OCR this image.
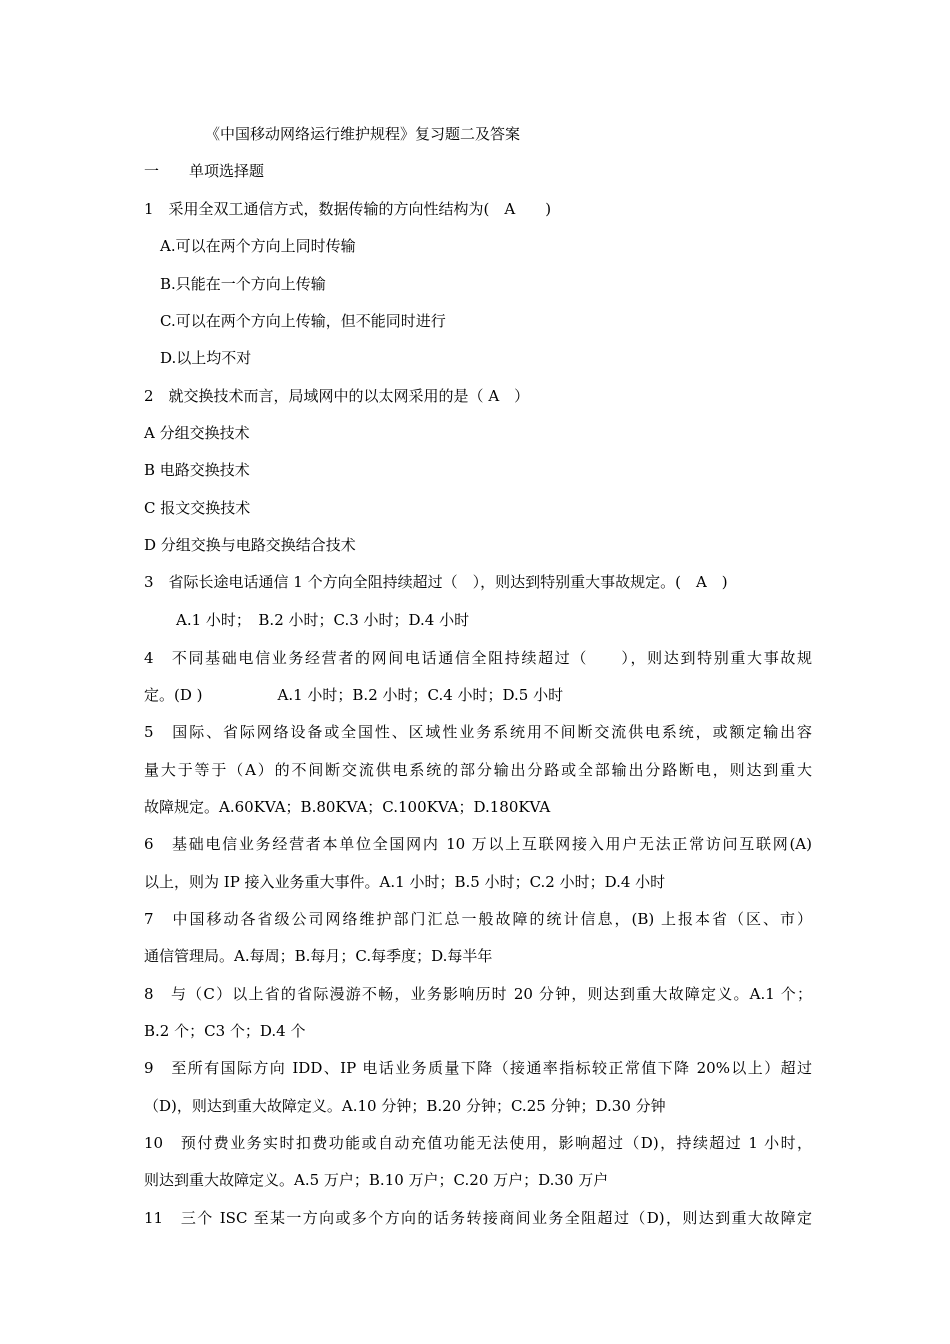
《中国移动网络运行维护规程》复习题二及答案
一　　单项选择题
1　采用全双工通信方式，数据传输的方向性结构为(　A　　)
A.可以在两个方向上同时传输
B.只能在一个方向上传输
C.可以在两个方向上传输，但不能同时进行
D.以上均不对
2　就交换技术而言，局域网中的以太网采用的是（ A　）
A 分组交换技术
B 电路交换技术
C 报文交换技术
D 分组交换与电路交换结合技术
3　省际长途电话通信 1 个方向全阻持续超过（　），则达到特别重大事故规定。(　A　)
A.1 小时；　B.2 小时；C.3 小时；D.4 小时
4　不同基础电信业务经营者的网间电话通信全阻持续超过（　　），则达到特别重大事故规
定。(D )　　　　　A.1 小时；B.2 小时；C.4 小时；D.5 小时
5　国际、省际网络设备或全国性、区域性业务系统用不间断交流供电系统，或额定输出容
量大于等于（A）的不间断交流供电系统的部分输出分路或全部输出分路断电，则达到重大
故障规定。A.60KVA；B.80KVA；C.100KVA；D.180KVA
6　基础电信业务经营者本单位全国网内 10 万以上互联网接入用户无法正常访问互联网(A)
以上，则为 IP 接入业务重大事件。A.1 小时；B.5 小时；C.2 小时；D.4 小时
7　中国移动各省级公司网络维护部门汇总一般故障的统计信息，(B) 上报本省（区、市）
通信管理局。A.每周；B.每月；C.每季度；D.每半年
8　与（C）以上省的省际漫游不畅，业务影响历时 20 分钟，则达到重大故障定义。A.1 个；
B.2 个；C3 个；D.4 个
9　至所有国际方向 IDD、IP 电话业务质量下降（接通率指标较正常值下降 20%以上）超过
（D)，则达到重大故障定义。A.10 分钟；B.20 分钟；C.25 分钟；D.30 分钟
10　预付费业务实时扣费功能或自动充值功能无法使用，影响超过（D)，持续超过 1 小时，
则达到重大故障定义。A.5 万户；B.10 万户；C.20 万户；D.30 万户
11　三个 ISC 至某一方向或多个方向的话务转接商间业务全阻超过（D)，则达到重大故障定
